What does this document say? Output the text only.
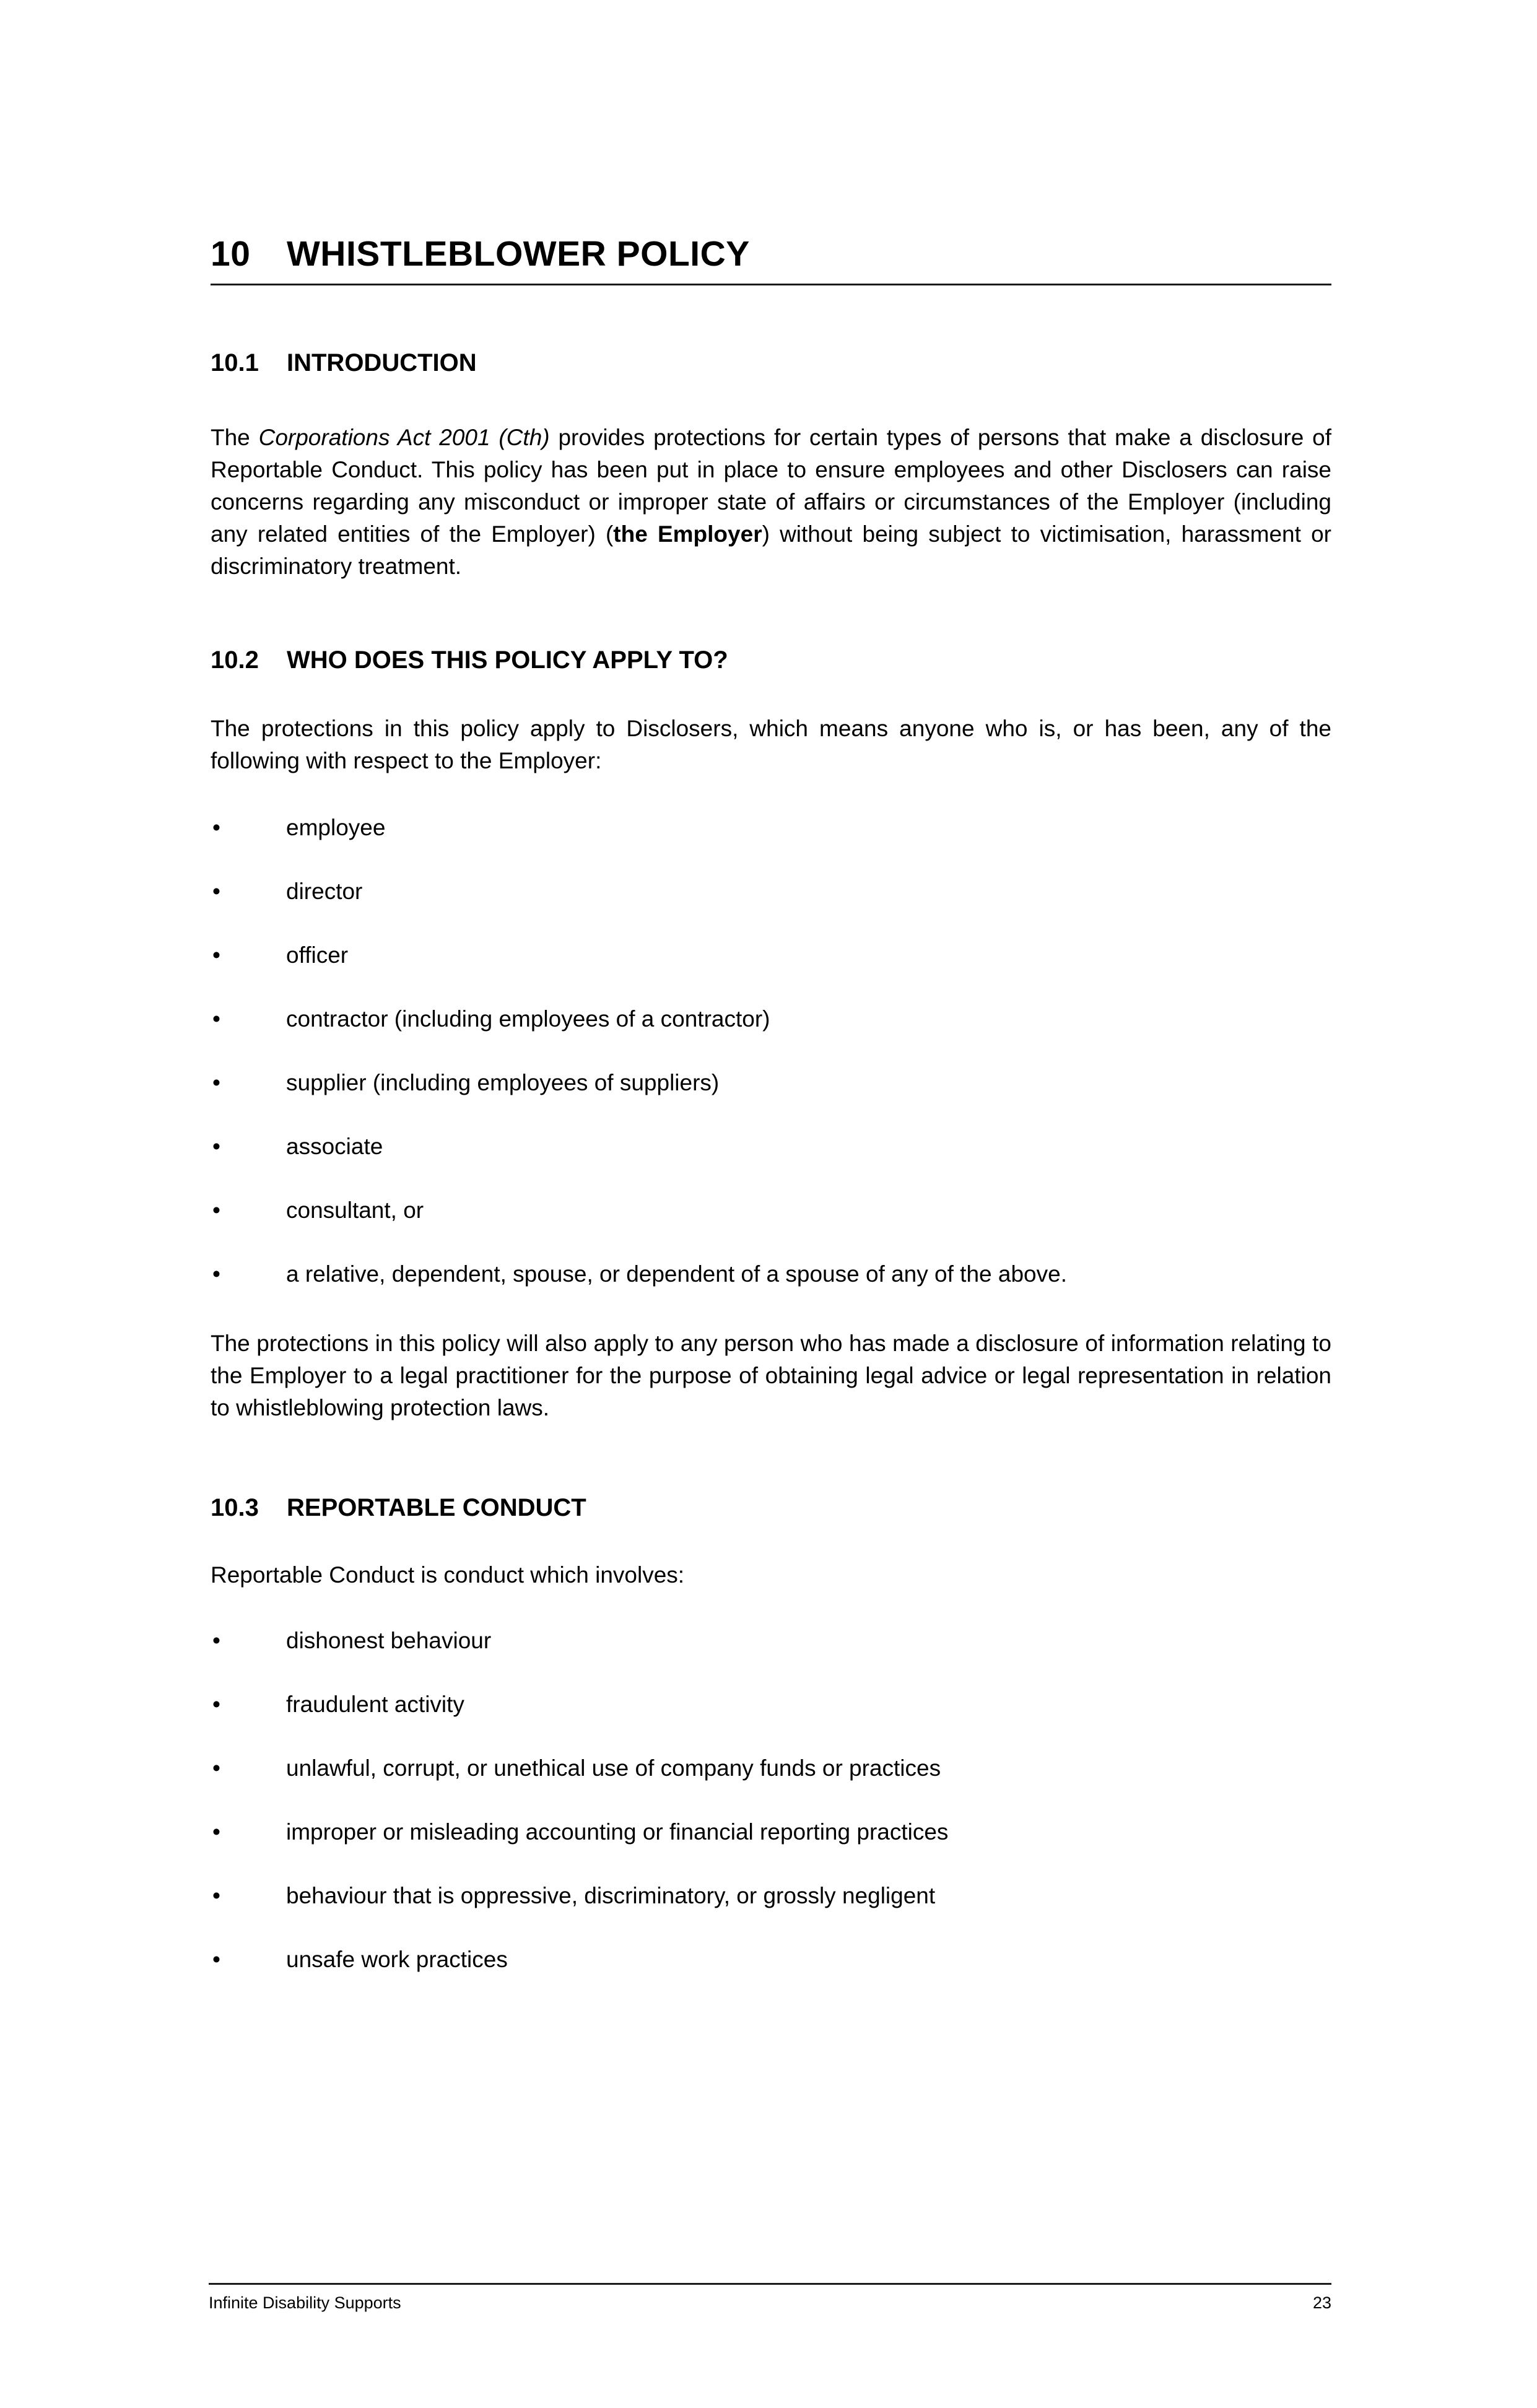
10	WHISTLEBLOWER POLICY
10.1	INTRODUCTION

The Corporations Act 2001 (Cth) provides protections for certain types of persons that make a disclosure of Reportable Conduct. This policy has been put in place to ensure employees and other Disclosers can raise concerns regarding any misconduct or improper state of affairs or circumstances of the Employer (including any related entities of the Employer) (the Employer) without being subject to victimisation, harassment or discriminatory treatment.

10.2	WHO DOES THIS POLICY APPLY TO?

The protections in this policy apply to Disclosers, which means anyone who is, or has been, any of the following with respect to the Employer:

•	employee
•	director
•	officer
•	contractor (including employees of a contractor)
•	supplier (including employees of suppliers)
•	associate
•	consultant, or
•	a relative, dependent, spouse, or dependent of a spouse of any of the above.

The protections in this policy will also apply to any person who has made a disclosure of information relating to the Employer to a legal practitioner for the purpose of obtaining legal advice or legal representation in relation to whistleblowing protection laws.

10.3	REPORTABLE CONDUCT

Reportable Conduct is conduct which involves:

•	dishonest behaviour
•	fraudulent activity
•	unlawful, corrupt, or unethical use of company funds or practices
•	improper or misleading accounting or financial reporting practices
•	behaviour that is oppressive, discriminatory, or grossly negligent
•	unsafe work practices
Infinite Disability Supports	23
